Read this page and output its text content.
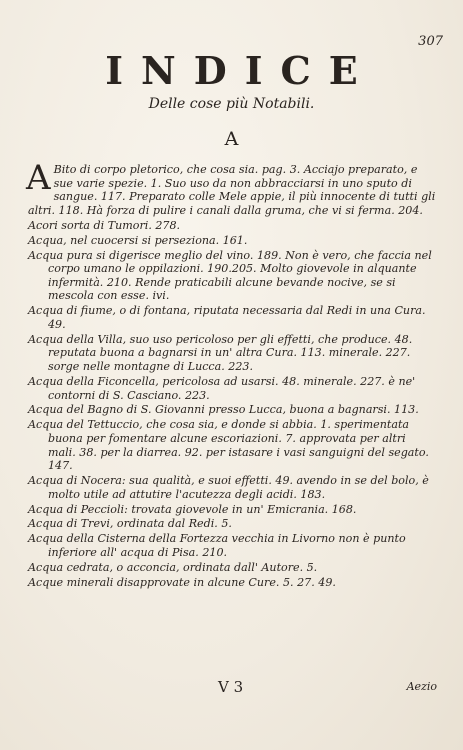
307
INDICE
Delle cose più Notabili.
A

A Bito di corpo pletorico, che cosa sia. pag. 3. Acciajo preparato, e sue varie spezie. 1. Suo uso da non abbracciarsi in uno sputo di sangue. 117. Preparato colle Mele appie, il più innocente di tutti gli altri. 118. Hà forza di pulire i canali dalla gruma, che vi si ferma. 204.

Acori sorta di Tumori. 278.

Acqua, nel cuocersi si perseziona. 161.

Acqua pura si digerisce meglio del vino. 189. Non è vero, che faccia nel corpo umano le oppilazioni. 190.205. Molto giovevole in alquante infermità. 210. Rende praticabili alcune bevande nocive, se si mescola con esse. ivi.

Acqua di fiume, o di fontana, riputata necessaria dal Redi in una Cura. 49.

Acqua della Villa, suo uso pericoloso per gli effetti, che produce. 48. reputata buona a bagnarsi in un' altra Cura. 113. minerale. 227. sorge nelle montagne di Lucca. 223.

Acqua della Ficoncella, pericolosa ad usarsi. 48. minerale. 227. è ne' contorni di S. Casciano. 223.

Acqua del Bagno di S. Giovanni presso Lucca, buona a bagnarsi. 113.

Acqua del Tettuccio, che cosa sia, e donde si abbia. 1. sperimentata buona per fomentare alcune escoriazioni. 7. approvata per altri mali. 38. per la diarrea. 92. per istasare i vasi sanguigni del segato. 147.

Acqua di Nocera: sua qualità, e suoi effetti. 49. avendo in se del bolo, è molto utile ad attutire l'acutezza degli acidi. 183.

Acqua di Peccioli: trovata giovevole in un' Emicrania. 168.

Acqua di Trevi, ordinata dal Redi. 5.

Acqua della Cisterna della Fortezza vecchia in Livorno non è punto inferiore all' acqua di Pisa. 210.

Acqua cedrata, o acconcia, ordinata dall' Autore. 5.

Acque minerali disapprovate in alcune Cure. 5. 27. 49.

V 3	Aezio
